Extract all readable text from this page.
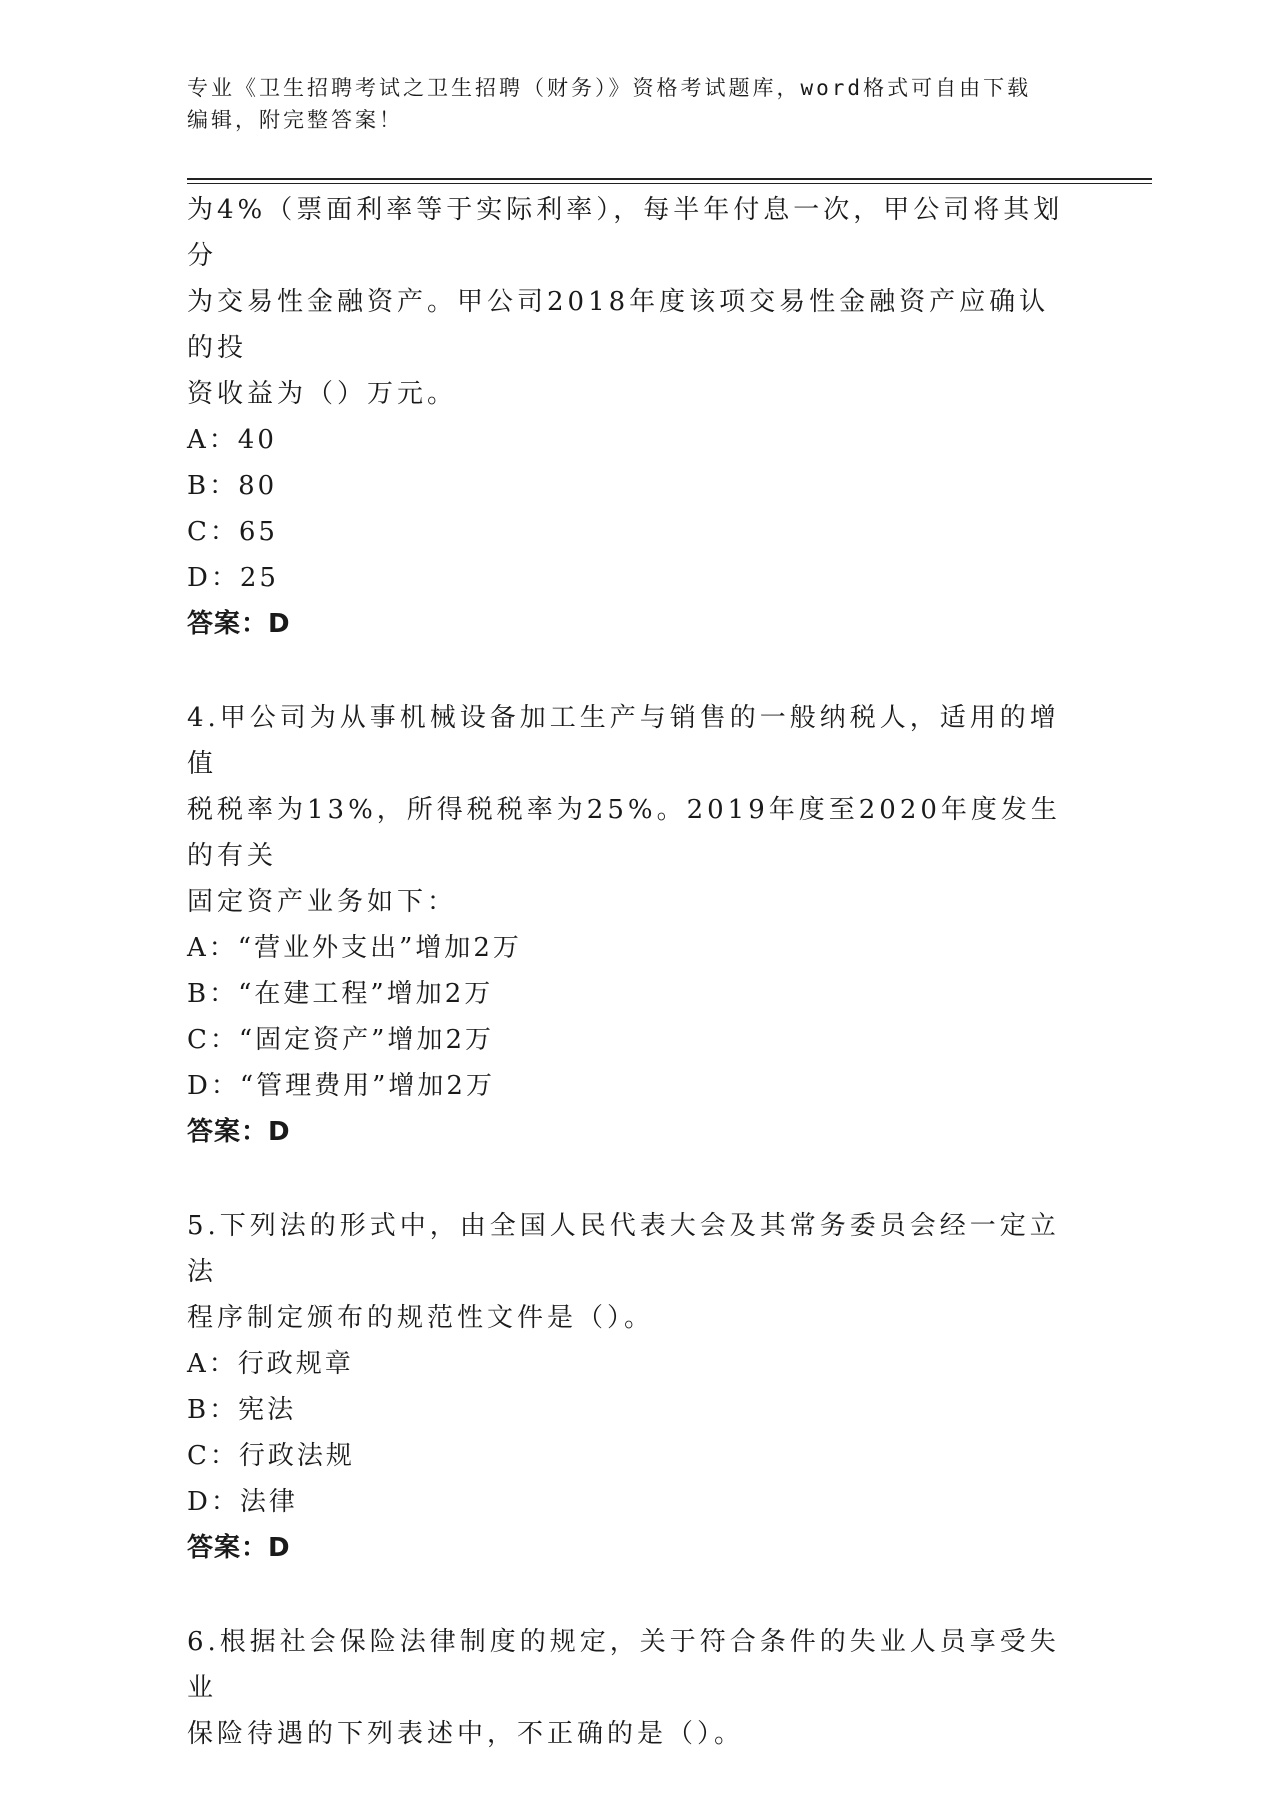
专业《卫生招聘考试之卫生招聘（财务）》资格考试题库，word格式可自由下载
编辑，附完整答案！

为4%（票面利率等于实际利率），每半年付息一次，甲公司将其划分

为交易性金融资产。甲公司2018年度该项交易性金融资产应确认的投

资收益为（）万元。

A：40

B：80

C：65

D：25

答案：D

4.甲公司为从事机械设备加工生产与销售的一般纳税人，适用的增值

税税率为13%，所得税税率为25%。2019年度至2020年度发生的有关

固定资产业务如下：

A：“营业外支出”增加2万

B：“在建工程”增加2万

C：“固定资产”增加2万

D：“管理费用”增加2万

答案：D

5.下列法的形式中，由全国人民代表大会及其常务委员会经一定立法

程序制定颁布的规范性文件是（）。

A：行政规章

B：宪法

C：行政法规

D：法律

答案：D

6.根据社会保险法律制度的规定，关于符合条件的失业人员享受失业

保险待遇的下列表述中，不正确的是（）。
